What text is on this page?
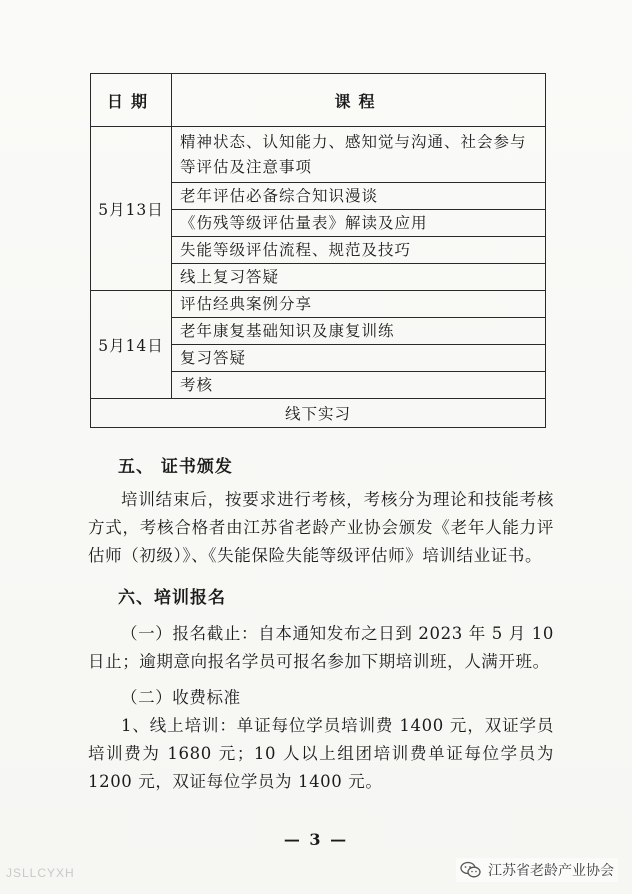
日期	课程
5月13日	精神状态、认知能力、感知觉与沟通、社会参与等评估及注意事项
	老年评估必备综合知识漫谈
	《伤残等级评估量表》解读及应用
	失能等级评估流程、规范及技巧
	线上复习答疑
5月14日	评估经典案例分享
	老年康复基础知识及康复训练
	复习答疑
	考核
线下实习	
五、 证书颁发
培训结束后，按要求进行考核，考核分为理论和技能考核方式，考核合格者由江苏省老龄产业协会颁发《老年人能力评估师（初级）》、《失能保险失能等级评估师》培训结业证书。
六、培训报名
（一）报名截止：自本通知发布之日到 2023 年 5 月 10 日止；逾期意向报名学员可报名参加下期培训班，人满开班。
（二）收费标准
1、线上培训：单证每位学员培训费 1400 元，双证学员培训费为 1680 元；10 人以上组团培训费单证每位学员为 1200 元，双证每位学员为 1400 元。
— 3 —
JSLLCYXH	江苏省老龄产业协会
